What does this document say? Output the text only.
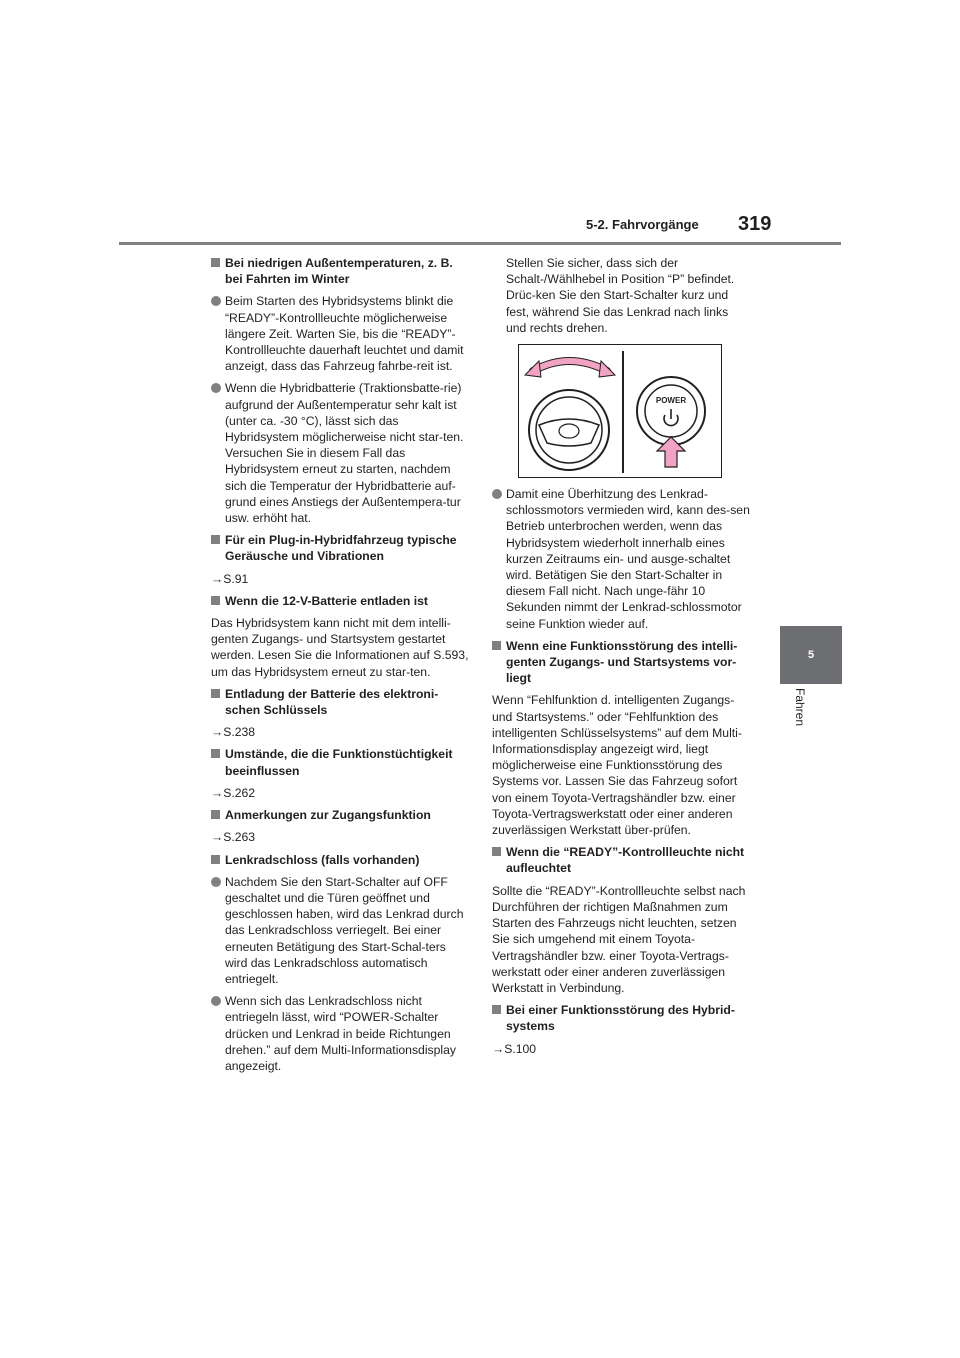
5-2. Fahrvorgänge 319
5
Fahren
Bei niedrigen Außentemperaturen, z. B. bei Fahrten im Winter
Beim Starten des Hybridsystems blinkt die “READY”-Kontrollleuchte möglicherweise längere Zeit. Warten Sie, bis die “READY”-Kontrollleuchte dauerhaft leuchtet und damit anzeigt, dass das Fahrzeug fahrbe-reit ist.
Wenn die Hybridbatterie (Traktionsbatte-rie) aufgrund der Außentemperatur sehr kalt ist (unter ca. -30 °C), lässt sich das Hybridsystem möglicherweise nicht star-ten. Versuchen Sie in diesem Fall das Hybridsystem erneut zu starten, nachdem sich die Temperatur der Hybridbatterie auf-grund eines Anstiegs der Außentempera-tur usw. erhöht hat.
Für ein Plug-in-Hybridfahrzeug typische Geräusche und Vibrationen
→S.91
Wenn die 12-V-Batterie entladen ist
Das Hybridsystem kann nicht mit dem intelli-genten Zugangs- und Startsystem gestartet werden. Lesen Sie die Informationen auf S.593, um das Hybridsystem erneut zu star-ten.
Entladung der Batterie des elektroni-schen Schlüssels
→S.238
Umstände, die die Funktionstüchtigkeit beeinflussen
→S.262
Anmerkungen zur Zugangsfunktion
→S.263
Lenkradschloss (falls vorhanden)
Nachdem Sie den Start-Schalter auf OFF geschaltet und die Türen geöffnet und geschlossen haben, wird das Lenkrad durch das Lenkradschloss verriegelt. Bei einer erneuten Betätigung des Start-Schal-ters wird das Lenkradschloss automatisch entriegelt.
Wenn sich das Lenkradschloss nicht entriegeln lässt, wird “POWER-Schalter drücken und Lenkrad in beide Richtungen drehen.” auf dem Multi-Informationsdisplay angezeigt.
Stellen Sie sicher, dass sich der Schalt-/Wählhebel in Position “P” befindet. Drüc-ken Sie den Start-Schalter kurz und fest, während Sie das Lenkrad nach links und rechts drehen.
POWER
Damit eine Überhitzung des Lenkrad-schlossmotors vermieden wird, kann des-sen Betrieb unterbrochen werden, wenn das Hybridsystem wiederholt innerhalb eines kurzen Zeitraums ein- und ausge-schaltet wird. Betätigen Sie den Start-Schalter in diesem Fall nicht. Nach unge-fähr 10 Sekunden nimmt der Lenkrad-schlossmotor seine Funktion wieder auf.
Wenn eine Funktionsstörung des intelli-genten Zugangs- und Startsystems vor-liegt
Wenn “Fehlfunktion d. intelligenten Zugangs- und Startsystems.” oder “Fehlfunktion des intelligenten Schlüsselsystems” auf dem Multi-Informationsdisplay angezeigt wird, liegt möglicherweise eine Funktionsstörung des Systems vor. Lassen Sie das Fahrzeug sofort von einem Toyota-Vertragshändler bzw. einer Toyota-Vertragswerkstatt oder einer anderen zuverlässigen Werkstatt über-prüfen.
Wenn die “READY”-Kontrollleuchte nicht aufleuchtet
Sollte die “READY”-Kontrollleuchte selbst nach Durchführen der richtigen Maßnahmen zum Starten des Fahrzeugs nicht leuchten, setzen Sie sich umgehend mit einem Toyota-Vertragshändler bzw. einer Toyota-Vertrags-werkstatt oder einer anderen zuverlässigen Werkstatt in Verbindung.
Bei einer Funktionsstörung des Hybrid-systems
→S.100
